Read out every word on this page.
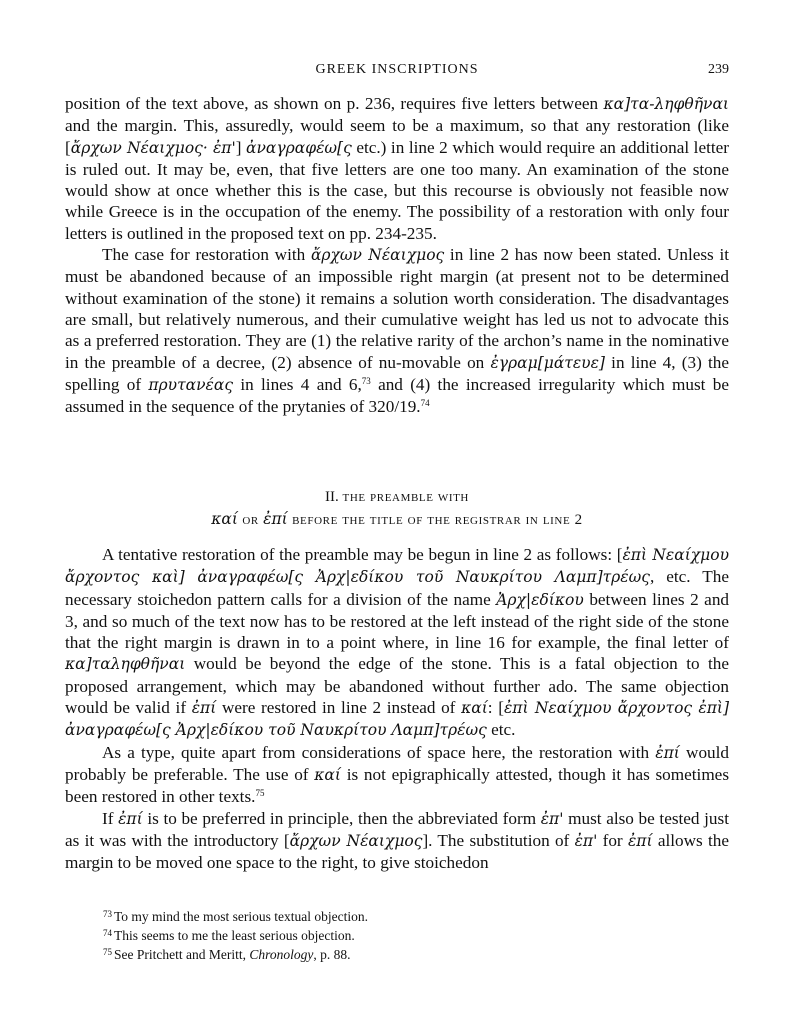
GREEK INSCRIPTIONS	239

position of the text above, as shown on p. 236, requires five letters between κα]τα-ληφθῆναι and the margin. This, assuredly, would seem to be a maximum, so that any restoration (like [ἄρχων Νέαιχμος· ἐπ'] ἀναγραφέω[ς etc.) in line 2 which would require an additional letter is ruled out. It may be, even, that five letters are one too many. An examination of the stone would show at once whether this is the case, but this recourse is obviously not feasible now while Greece is in the occupation of the enemy. The possibility of a restoration with only four letters is outlined in the proposed text on pp. 234-235.

The case for restoration with ἄρχων Νέαιχμος in line 2 has now been stated. Unless it must be abandoned because of an impossible right margin (at present not to be determined without examination of the stone) it remains a solution worth consideration. The disadvantages are small, but relatively numerous, and their cumulative weight has led us not to advocate this as a preferred restoration. They are (1) the relative rarity of the archon’s name in the nominative in the preamble of a decree, (2) absence of nu-movable on ἐγραμ[μάτευε] in line 4, (3) the spelling of πρυτανέας in lines 4 and 6,73 and (4) the increased irregularity which must be assumed in the sequence of the prytanies of 320/19.74

II. the preamble with
καί or ἐπί before the title of the registrar in line 2

A tentative restoration of the preamble may be begun in line 2 as follows: [ἐπὶ Νεαίχμου ἄρχοντος καὶ] ἀναγραφέω[ς Ἀρχ|εδίκου τοῦ Ναυκρίτου Λαμπ]τρέως, etc. The necessary stoichedon pattern calls for a division of the name Ἀρχ|εδίκου between lines 2 and 3, and so much of the text now has to be restored at the left instead of the right side of the stone that the right margin is drawn in to a point where, in line 16 for example, the final letter of κα]ταληφθῆναι would be beyond the edge of the stone. This is a fatal objection to the proposed arrangement, which may be abandoned without further ado. The same objection would be valid if ἐπί were restored in line 2 instead of καί: [ἐπὶ Νεαίχμου ἄρχοντος ἐπὶ] ἀναγραφέω[ς Ἀρχ|εδίκου τοῦ Ναυκρίτου Λαμπ]τρέως etc.

As a type, quite apart from considerations of space here, the restoration with ἐπί would probably be preferable. The use of καί is not epigraphically attested, though it has sometimes been restored in other texts.$^{75}$

If ἐπί is to be preferred in principle, then the abbreviated form ἐπ' must also be tested just as it was with the introductory [ἄρχων Νέαιχμος]. The substitution of ἐπ' for ἐπί allows the margin to be moved one space to the right, to give stoichedon

$^{73}$ To my mind the most serious textual objection.
$^{74}$ This seems to me the least serious objection.
$^{75}$ See Pritchett and Meritt, Chronology, p. 88.
